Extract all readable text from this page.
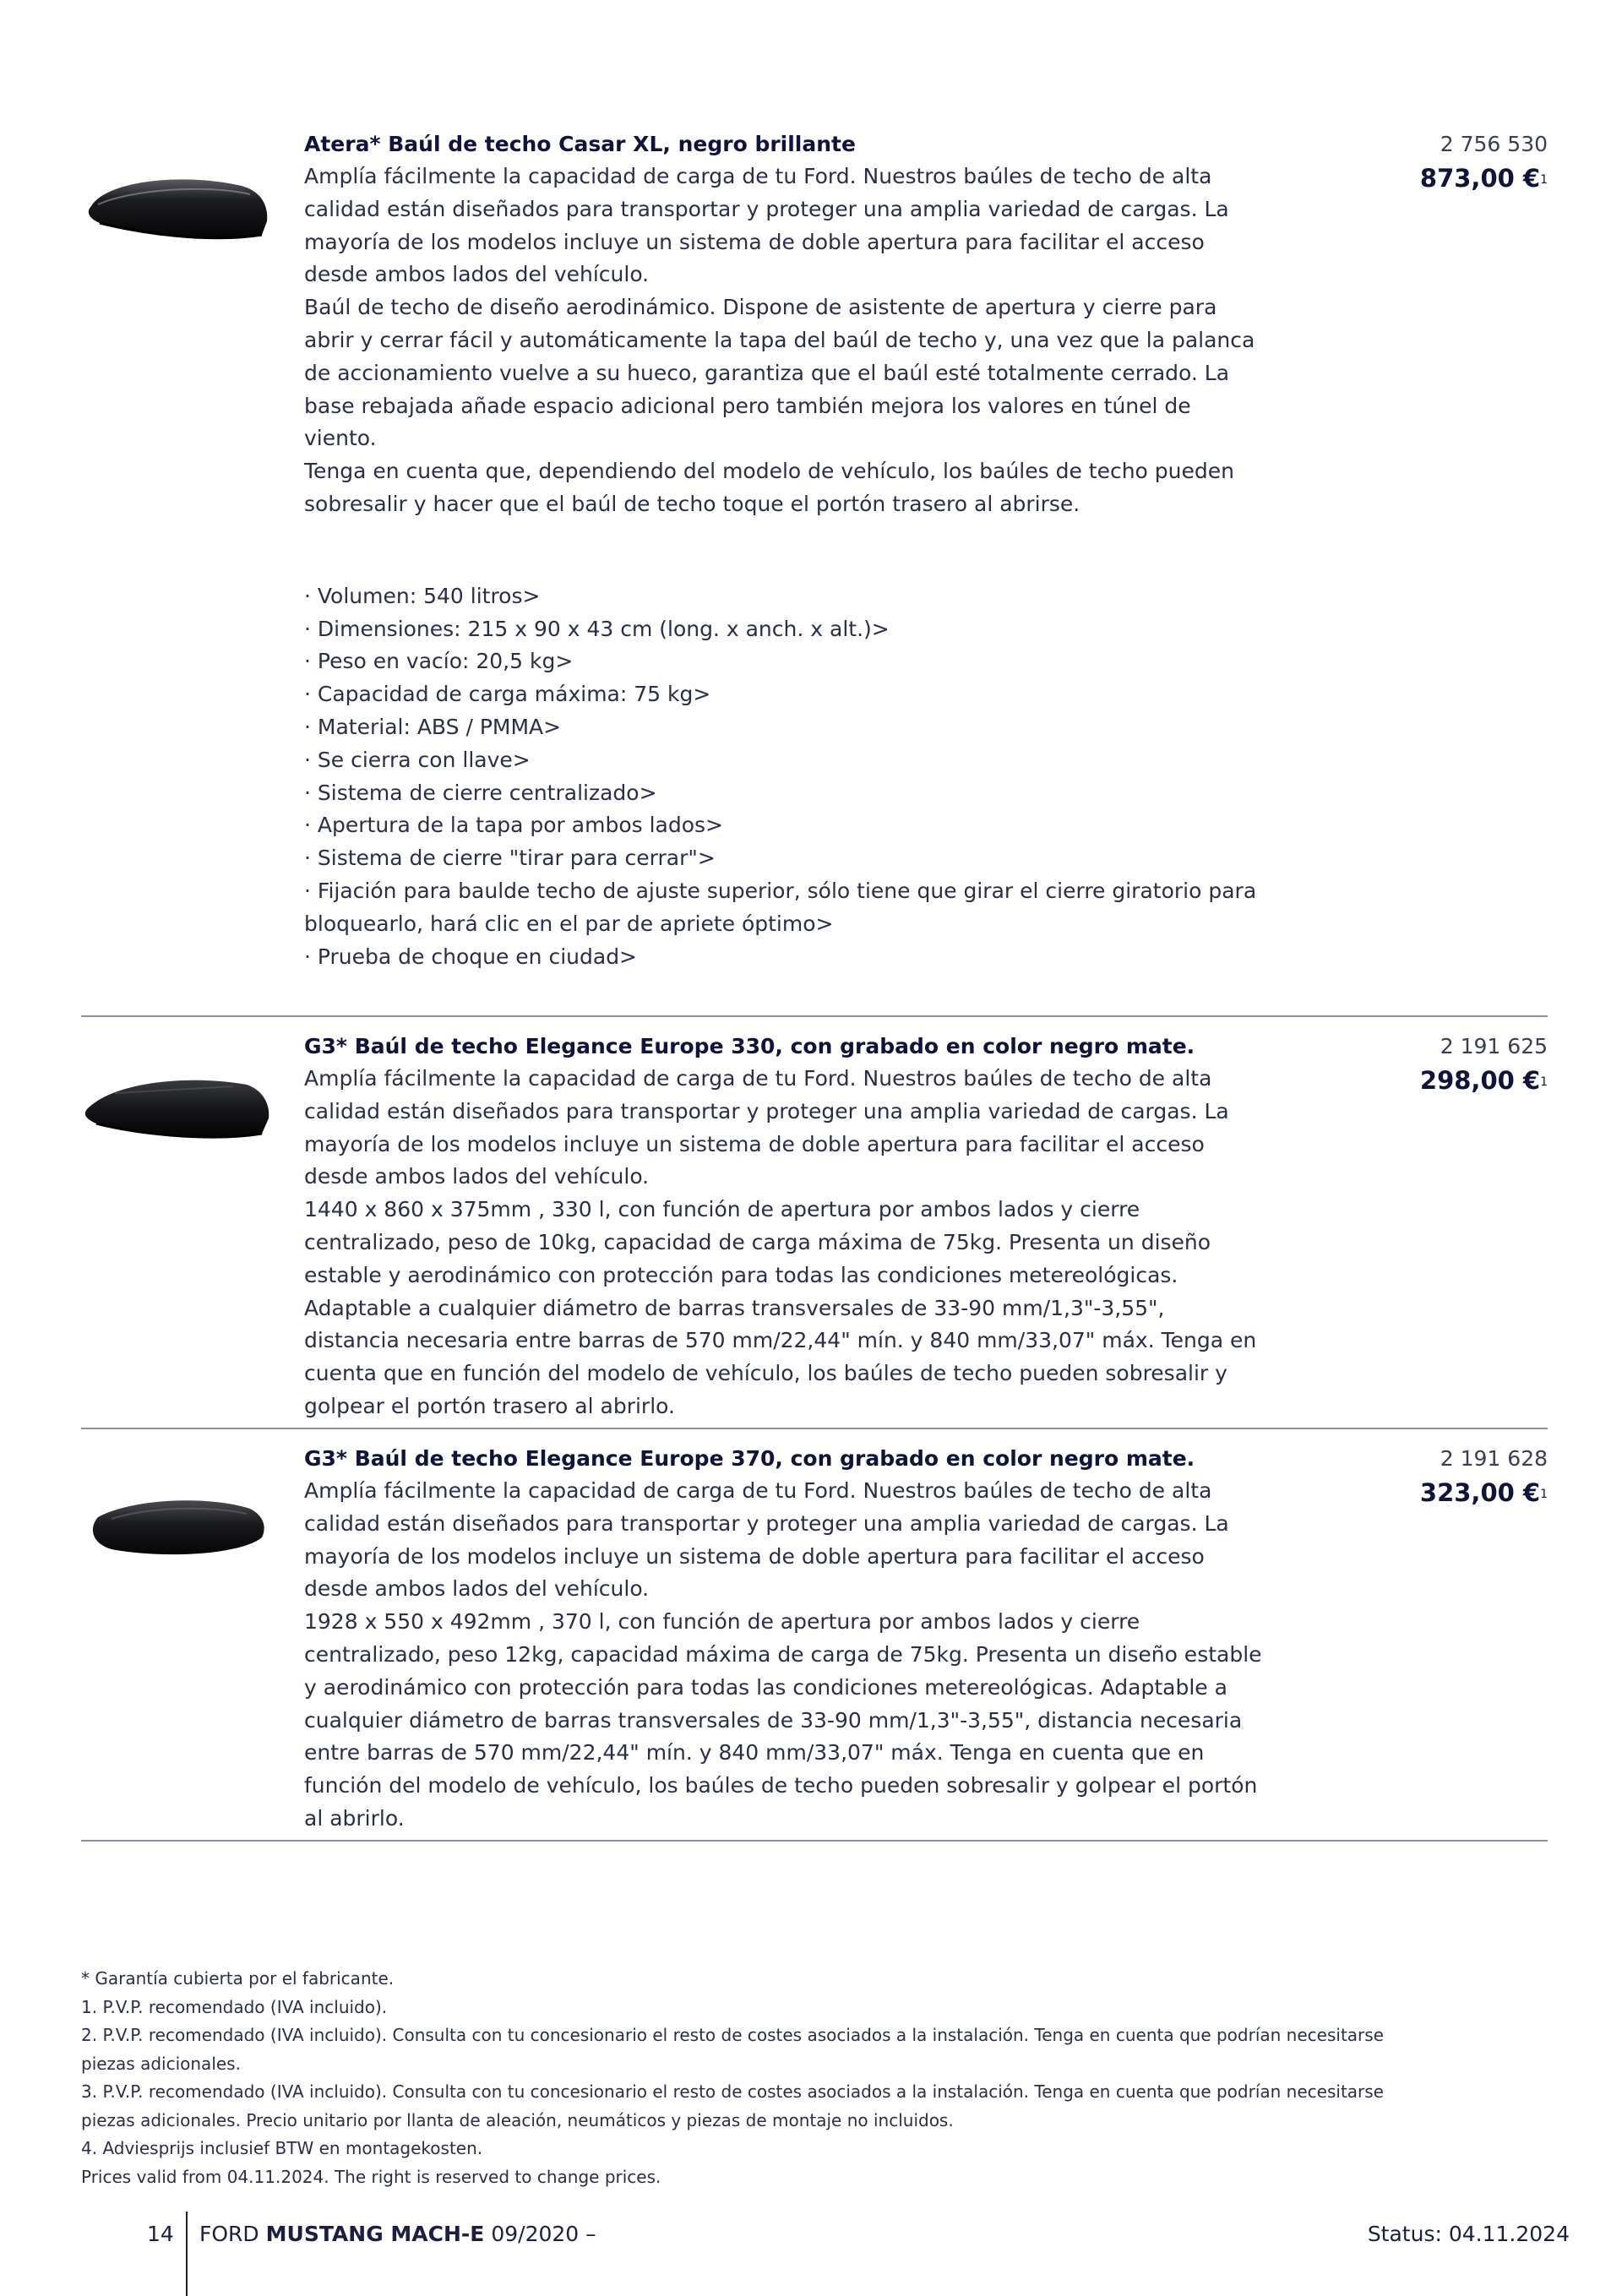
Atera* Baúl de techo Casar XL, negro brillante
Amplía fácilmente la capacidad de carga de tu Ford. Nuestros baúles de techo de alta
calidad están diseñados para transportar y proteger una amplia variedad de cargas. La
mayoría de los modelos incluye un sistema de doble apertura para facilitar el acceso
desde ambos lados del vehículo.
Baúl de techo de diseño aerodinámico. Dispone de asistente de apertura y cierre para
abrir y cerrar fácil y automáticamente la tapa del baúl de techo y, una vez que la palanca
de accionamiento vuelve a su hueco, garantiza que el baúl esté totalmente cerrado. La
base rebajada añade espacio adicional pero también mejora los valores en túnel de
viento.
Tenga en cuenta que, dependiendo del modelo de vehículo, los baúles de techo pueden
sobresalir y hacer que el baúl de techo toque el portón trasero al abrirse.
· Volumen: 540 litros>
· Dimensiones: 215 x 90 x 43 cm (long. x anch. x alt.)>
· Peso en vacío: 20,5 kg>
· Capacidad de carga máxima: 75 kg>
· Material: ABS / PMMA>
· Se cierra con llave>
· Sistema de cierre centralizado>
· Apertura de la tapa por ambos lados>
· Sistema de cierre "tirar para cerrar">
· Fijación para baulde techo de ajuste superior, sólo tiene que girar el cierre giratorio para
bloquearlo, hará clic en el par de apriete óptimo>
· Prueba de choque en ciudad>
2 756 530
873,00 €$^1$
G3* Baúl de techo Elegance Europe 330, con grabado en color negro mate.
Amplía fácilmente la capacidad de carga de tu Ford. Nuestros baúles de techo de alta
calidad están diseñados para transportar y proteger una amplia variedad de cargas. La
mayoría de los modelos incluye un sistema de doble apertura para facilitar el acceso
desde ambos lados del vehículo.
1440 x 860 x 375mm , 330 l, con función de apertura por ambos lados y cierre
centralizado, peso de 10kg, capacidad de carga máxima de 75kg. Presenta un diseño
estable y aerodinámico con protección para todas las condiciones metereológicas.
Adaptable a cualquier diámetro de barras transversales de 33-90 mm/1,3"-3,55",
distancia necesaria entre barras de 570 mm/22,44" mín. y 840 mm/33,07" máx. Tenga en
cuenta que en función del modelo de vehículo, los baúles de techo pueden sobresalir y
golpear el portón trasero al abrirlo.
2 191 625
298,00 €$^1$
G3* Baúl de techo Elegance Europe 370, con grabado en color negro mate.
Amplía fácilmente la capacidad de carga de tu Ford. Nuestros baúles de techo de alta
calidad están diseñados para transportar y proteger una amplia variedad de cargas. La
mayoría de los modelos incluye un sistema de doble apertura para facilitar el acceso
desde ambos lados del vehículo.
1928 x 550 x 492mm , 370 l, con función de apertura por ambos lados y cierre
centralizado, peso 12kg, capacidad máxima de carga de 75kg. Presenta un diseño estable
y aerodinámico con protección para todas las condiciones metereológicas. Adaptable a
cualquier diámetro de barras transversales de 33-90 mm/1,3"-3,55", distancia necesaria
entre barras de 570 mm/22,44" mín. y 840 mm/33,07" máx. Tenga en cuenta que en
función del modelo de vehículo, los baúles de techo pueden sobresalir y golpear el portón
al abrirlo.
2 191 628
323,00 €$^1$
* Garantía cubierta por el fabricante.
1. P.V.P. recomendado (IVA incluido).
2. P.V.P. recomendado (IVA incluido). Consulta con tu concesionario el resto de costes asociados a la instalación. Tenga en cuenta que podrían necesitarse
piezas adicionales.
3. P.V.P. recomendado (IVA incluido). Consulta con tu concesionario el resto de costes asociados a la instalación. Tenga en cuenta que podrían necesitarse
piezas adicionales. Precio unitario por llanta de aleación, neumáticos y piezas de montaje no incluidos.
4. Adviesprijs inclusief BTW en montagekosten.
Prices valid from 04.11.2024. The right is reserved to change prices.
14 FORD MUSTANG MACH-E 09/2020 –	Status: 04.11.2024
